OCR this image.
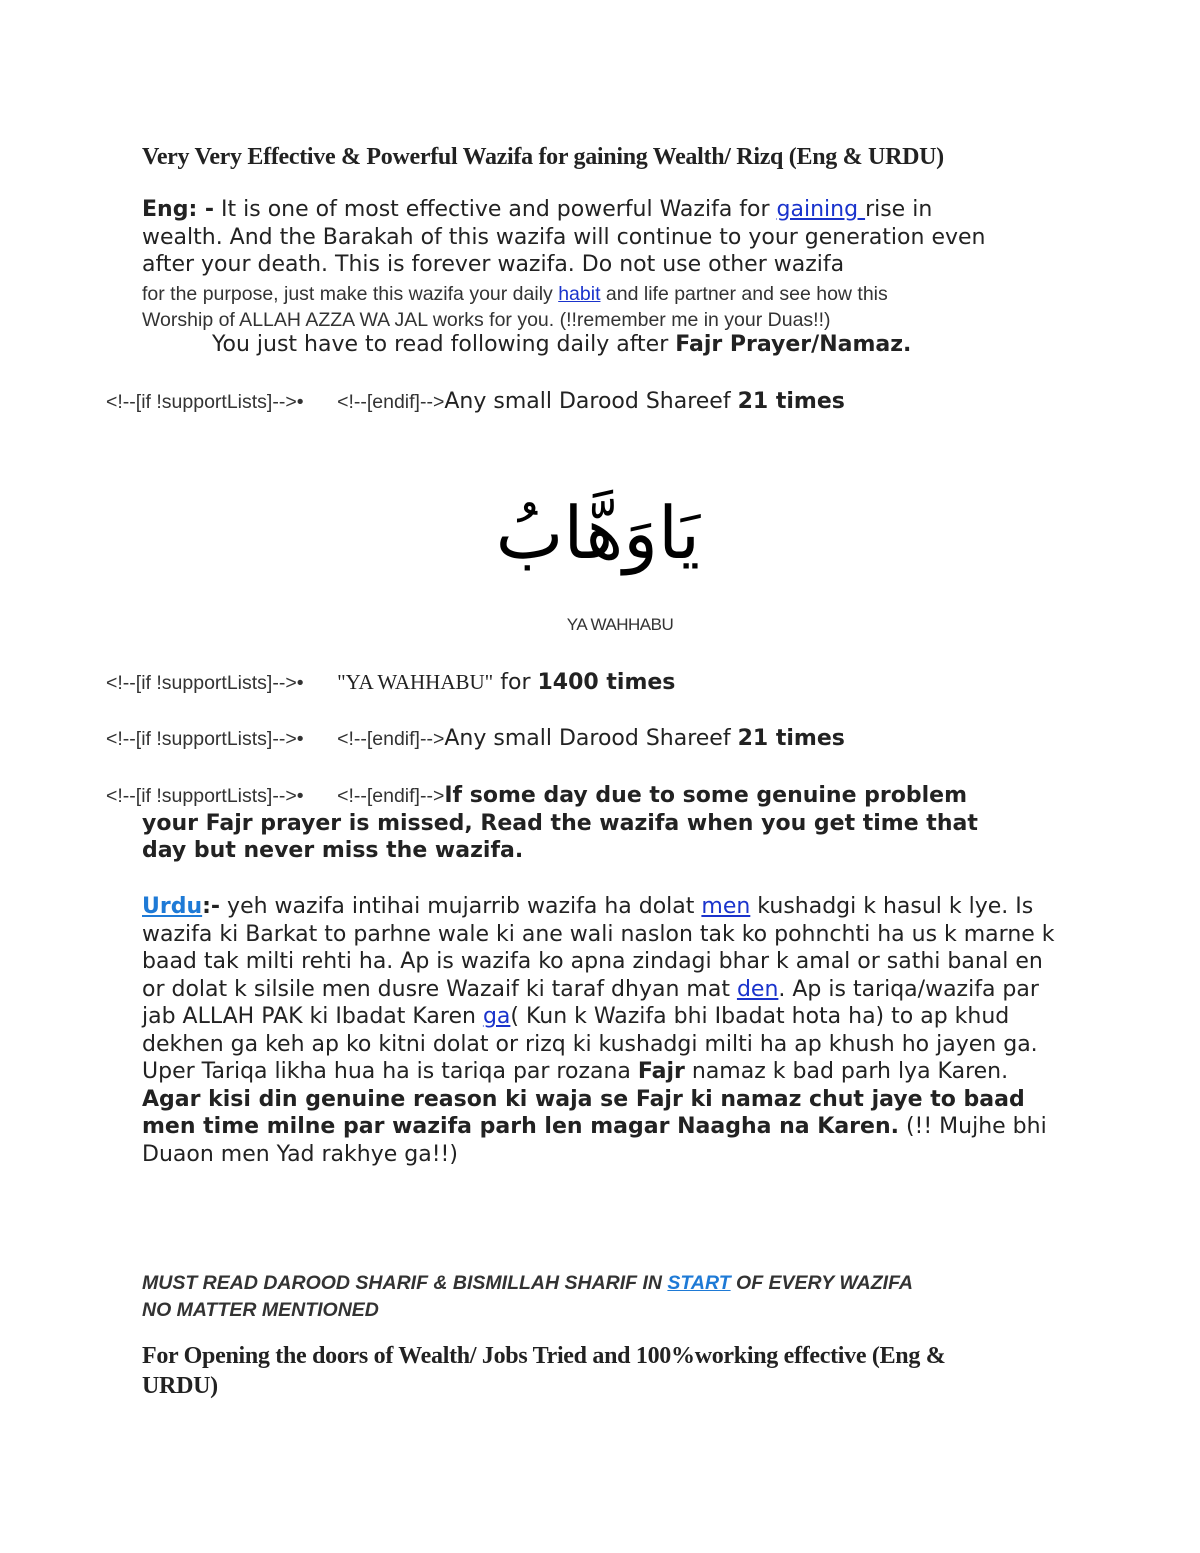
Very Very Effective & Powerful Wazifa for gaining Wealth/ Rizq (Eng & URDU)
Eng: - It is one of most effective and powerful Wazifa for gaining rise in
wealth. And the Barakah of this wazifa will continue to your generation even
after your death. This is forever wazifa. Do not use other wazifa
for the purpose, just make this wazifa your daily habit and life partner and see how this
Worship of ALLAH AZZA WA JAL works for you. (!!remember me in your Duas!!)
You just have to read following daily after Fajr Prayer/Namaz.
<!--[if !supportLists]-->• <!--[endif]-->Any small Darood Shareef 21 times
يَاوَهَّابُ
YA WAHHABU
<!--[if !supportLists]-->• "YA WAHHABU" for 1400 times
<!--[if !supportLists]-->• <!--[endif]-->Any small Darood Shareef 21 times
<!--[if !supportLists]-->• <!--[endif]-->If some day due to some genuine problem
your Fajr prayer is missed, Read the wazifa when you get time that
day but never miss the wazifa.
Urdu:- yeh wazifa intihai mujarrib wazifa ha dolat men kushadgi k hasul k lye. Is wazifa ki Barkat to parhne wale ki ane wali naslon tak ko pohnchti ha us k marne k baad tak milti rehti ha. Ap is wazifa ko apna zindagi bhar k amal or sathi banal en or dolat k silsile men dusre Wazaif ki taraf dhyan mat den. Ap is tariqa/wazifa par jab ALLAH PAK ki Ibadat Karen ga( Kun k Wazifa bhi Ibadat hota ha) to ap khud dekhen ga keh ap ko kitni dolat or rizq ki kushadgi milti ha ap khush ho jayen ga. Uper Tariqa likha hua ha is tariqa par rozana Fajr namaz k bad parh lya Karen. Agar kisi din genuine reason ki waja se Fajr ki namaz chut jaye to baad men time milne par wazifa parh len magar Naagha na Karen. (!! Mujhe bhi Duaon men Yad rakhye ga!!)
MUST READ DAROOD SHARIF & BISMILLAH SHARIF IN START OF EVERY WAZIFA
NO MATTER MENTIONED
For Opening the doors of Wealth/ Jobs Tried and 100%working effective (Eng &
URDU)
